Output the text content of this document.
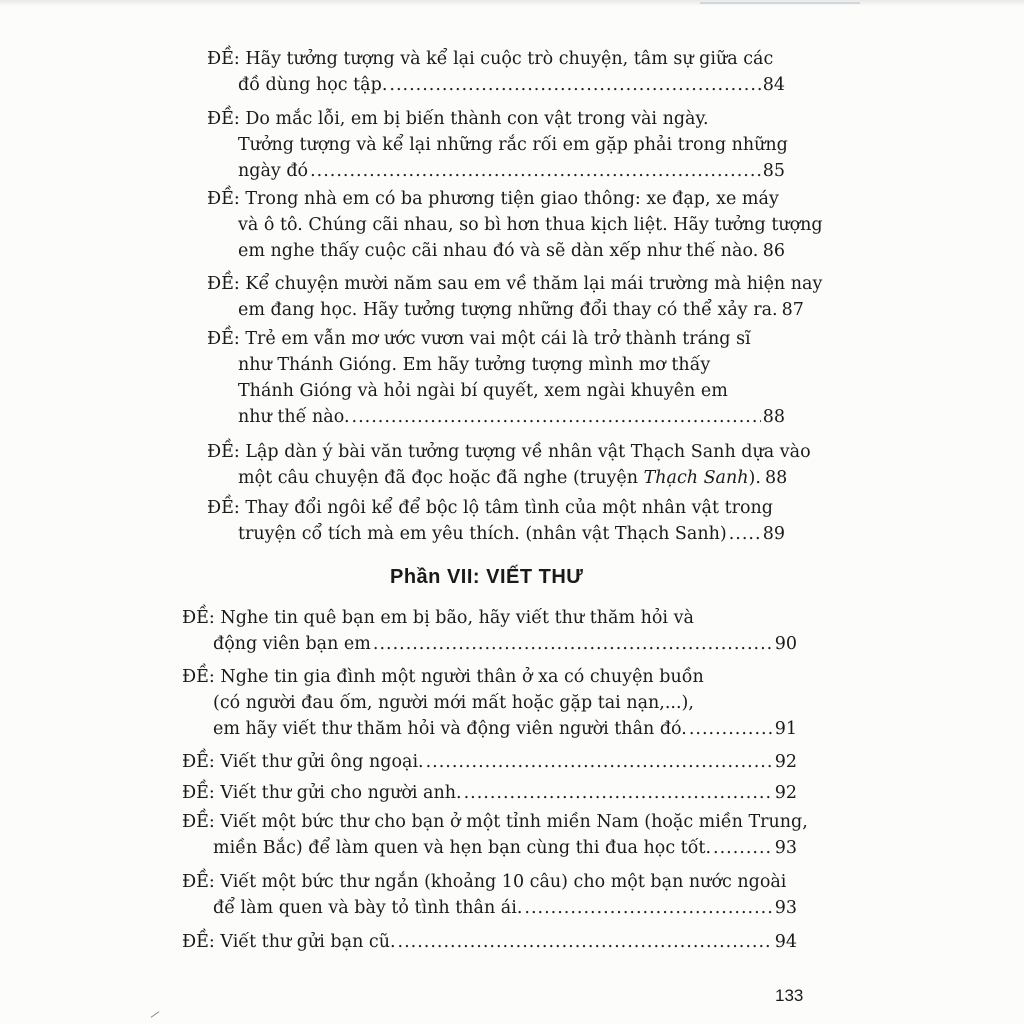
ĐỀ: Hãy tưởng tượng và kể lại cuộc trò chuyện, tâm sự giữa các
đồ dùng học tập. .....	84
ĐỀ: Do mắc lỗi, em bị biến thành con vật trong vài ngày.
Tưởng tượng và kể lại những rắc rối em gặp phải trong những
ngày đó .....	85
ĐỀ: Trong nhà em có ba phương tiện giao thông: xe đạp, xe máy
và ô tô. Chúng cãi nhau, so bì hơn thua kịch liệt. Hãy tưởng tượng
em nghe thấy cuộc cãi nhau đó và sẽ dàn xếp như thế nào. ..... 86
ĐỀ: Kể chuyện mười năm sau em về thăm lại mái trường mà hiện nay
em đang học. Hãy tưởng tượng những đổi thay có thể xảy ra. 87
ĐỀ: Trẻ em vẫn mơ ước vươn vai một cái là trở thành tráng sĩ
như Thánh Gióng. Em hãy tưởng tượng mình mơ thấy
Thánh Gióng và hỏi ngài bí quyết, xem ngài khuyên em
như thế nào. .....	88
ĐỀ: Lập dàn ý bài văn tưởng tượng về nhân vật Thạch Sanh dựa vào
một câu chuyện đã đọc hoặc đã nghe (truyện Thạch Sanh). 88
ĐỀ: Thay đổi ngôi kể để bộc lộ tâm tình của một nhân vật trong
truyện cổ tích mà em yêu thích. (nhân vật Thạch Sanh) ..... 89
Phần VII: VIẾT THƯ
ĐỀ: Nghe tin quê bạn em bị bão, hãy viết thư thăm hỏi và
động viên bạn em .....	90
ĐỀ: Nghe tin gia đình một người thân ở xa có chuyện buồn
(có người đau ốm, người mới mất hoặc gặp tai nạn,...),
em hãy viết thư thăm hỏi và động viên người thân đó. .....	91
ĐỀ: Viết thư gửi ông ngoại. .....	92
ĐỀ: Viết thư gửi cho người anh. .....	92
ĐỀ: Viết một bức thư cho bạn ở một tỉnh miền Nam (hoặc miền Trung,
miền Bắc) để làm quen và hẹn bạn cùng thi đua học tốt. .....	93
ĐỀ: Viết một bức thư ngắn (khoảng 10 câu) cho một bạn nước ngoài
để làm quen và bày tỏ tình thân ái. .....	93
ĐỀ: Viết thư gửi bạn cũ. .....	94
133
